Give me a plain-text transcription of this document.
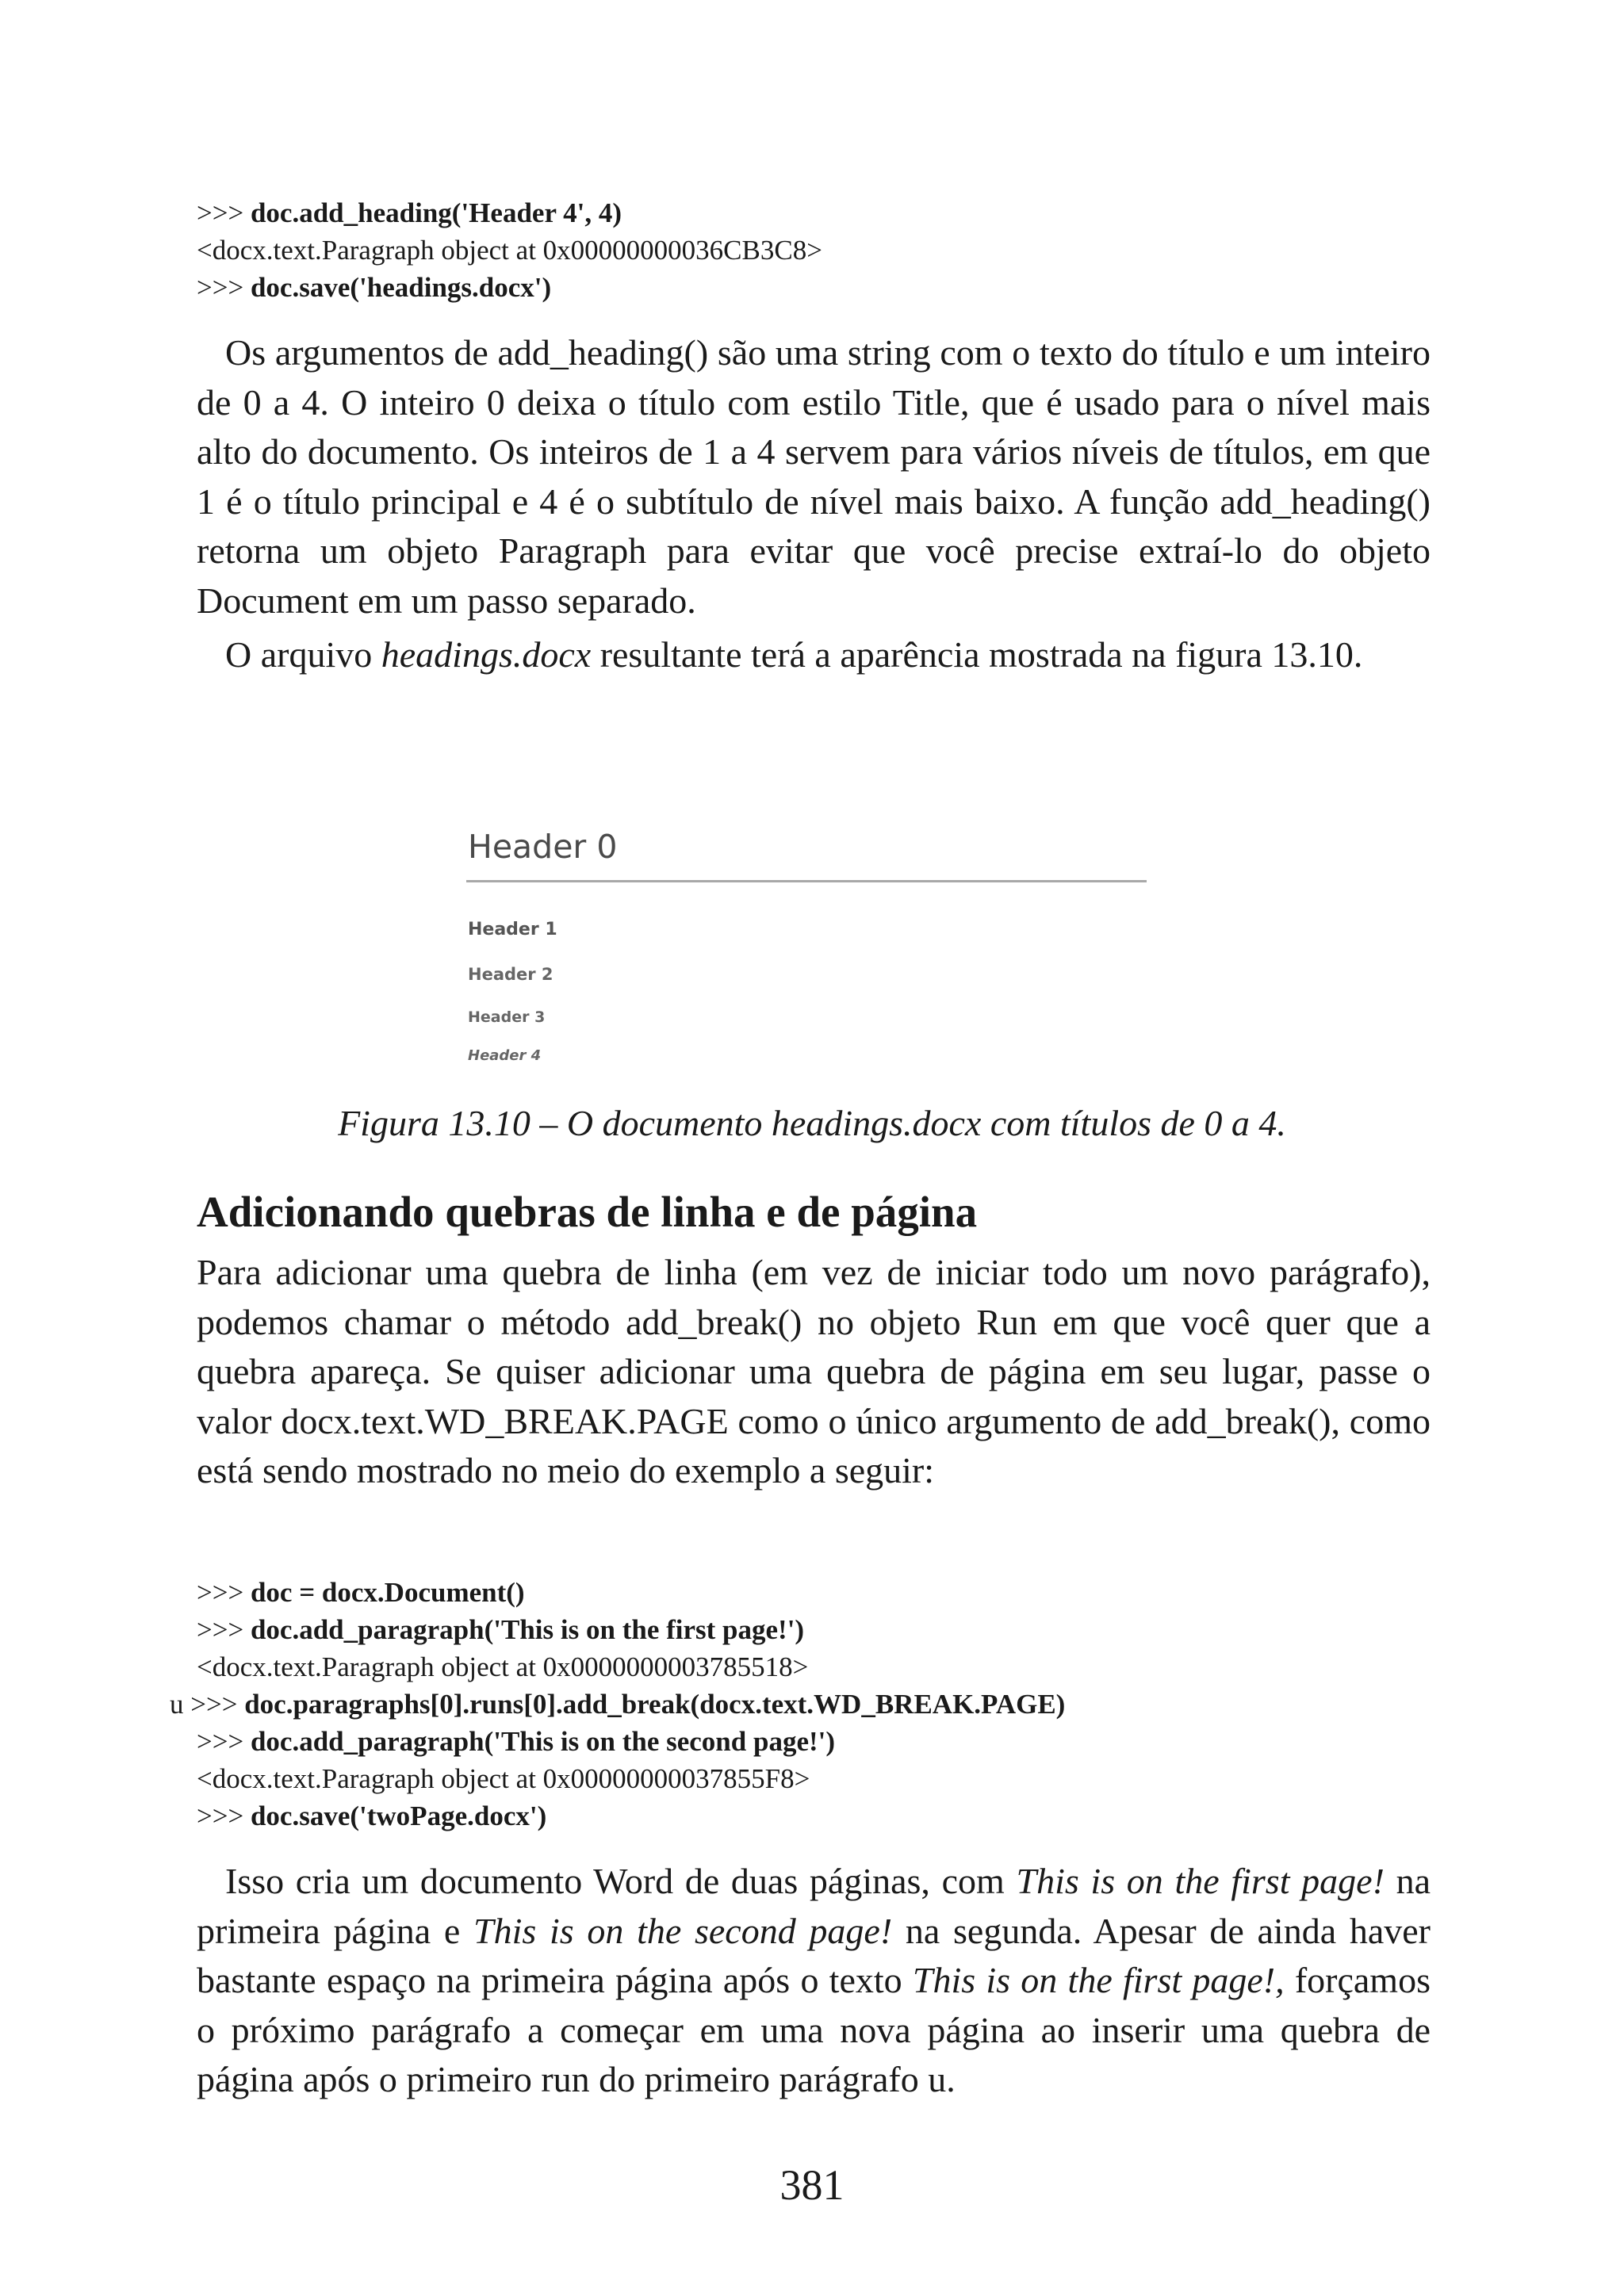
>>> doc.add_heading('Header 4', 4)
<docx.text.Paragraph object at 0x00000000036CB3C8>
>>> doc.save('headings.docx')

Os argumentos de add_heading() são uma string com o texto do título e um inteiro de 0 a 4. O inteiro 0 deixa o título com estilo Title, que é usado para o nível mais alto do documento. Os inteiros de 1 a 4 servem para vários níveis de títulos, em que 1 é o título principal e 4 é o subtítulo de nível mais baixo. A função add_heading() retorna um objeto Paragraph para evitar que você precise extraí-lo do objeto Document em um passo separado.

O arquivo headings.docx resultante terá a aparência mostrada na figura 13.10.

Header 0
Header 1
Header 2
Header 3
Header 4
Figura 13.10 – O documento headings.docx com títulos de 0 a 4.
Adicionando quebras de linha e de página

Para adicionar uma quebra de linha (em vez de iniciar todo um novo parágrafo), podemos chamar o método add_break() no objeto Run em que você quer que a quebra apareça. Se quiser adicionar uma quebra de página em seu lugar, passe o valor docx.text.WD_BREAK.PAGE como o único argumento de add_break(), como está sendo mostrado no meio do exemplo a seguir:

>>> doc = docx.Document()
>>> doc.add_paragraph('This is on the first page!')
<docx.text.Paragraph object at 0x0000000003785518>
u >>> doc.paragraphs[0].runs[0].add_break(docx.text.WD_BREAK.PAGE)
>>> doc.add_paragraph('This is on the second page!')
<docx.text.Paragraph object at 0x00000000037855F8>
>>> doc.save('twoPage.docx')

Isso cria um documento Word de duas páginas, com This is on the first page! na primeira página e This is on the second page! na segunda. Apesar de ainda haver bastante espaço na primeira página após o texto This is on the first page!, forçamos o próximo parágrafo a começar em uma nova página ao inserir uma quebra de página após o primeiro run do primeiro parágrafo u.

381
